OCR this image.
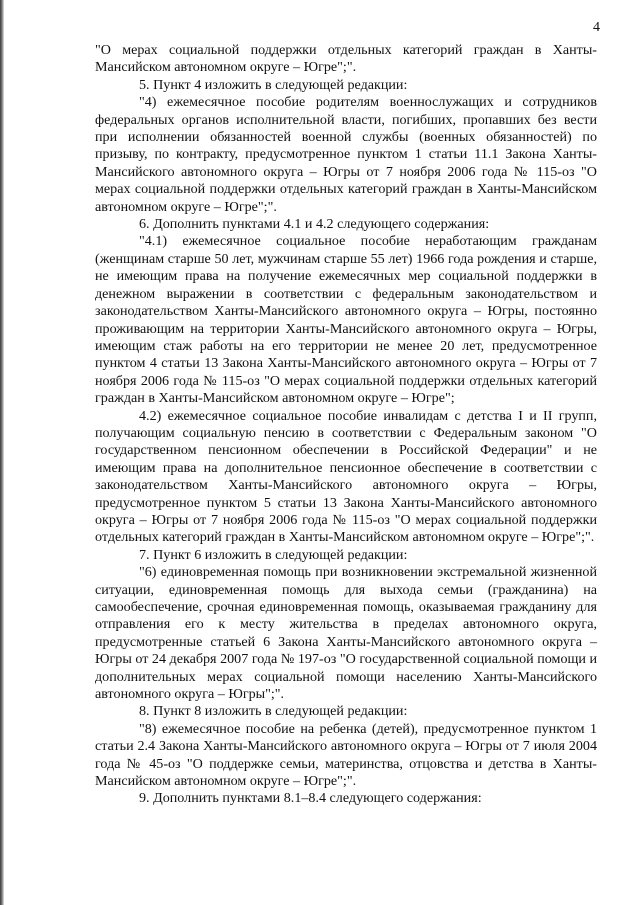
4

"О мерах социальной поддержки отдельных категорий граждан в Ханты-Мансийском автономном округе – Югре";".

5. Пункт 4 изложить в следующей редакции:

"4) ежемесячное пособие родителям военнослужащих и сотрудников федеральных органов исполнительной власти, погибших, пропавших без вести при исполнении обязанностей военной службы (военных обязанностей) по призыву, по контракту, предусмотренное пунктом 1 статьи 11.1 Закона Ханты-Мансийского автономного округа – Югры от 7 ноября 2006 года № 115-оз "О мерах социальной поддержки отдельных категорий граждан в Ханты-Мансийском автономном округе – Югре";".

6. Дополнить пунктами 4.1 и 4.2 следующего содержания:

"4.1) ежемесячное социальное пособие неработающим гражданам (женщинам старше 50 лет, мужчинам старше 55 лет) 1966 года рождения и старше, не имеющим права на получение ежемесячных мер социальной поддержки в денежном выражении в соответствии с федеральным законодательством и законодательством Ханты-Мансийского автономного округа – Югры, постоянно проживающим на территории Ханты-Мансийского автономного округа – Югры, имеющим стаж работы на его территории не менее 20 лет, предусмотренное пунктом 4 статьи 13 Закона Ханты-Мансийского автономного округа – Югры от 7 ноября 2006 года № 115-оз "О мерах социальной поддержки отдельных категорий граждан в Ханты-Мансийском автономном округе – Югре";

4.2) ежемесячное социальное пособие инвалидам с детства I и II групп, получающим социальную пенсию в соответствии с Федеральным законом "О государственном пенсионном обеспечении в Российской Федерации" и не имеющим права на дополнительное пенсионное обеспечение в соответствии с законодательством Ханты-Мансийского автономного округа – Югры, предусмотренное пунктом 5 статьи 13 Закона Ханты-Мансийского автономного округа – Югры от 7 ноября 2006 года № 115-оз "О мерах социальной поддержки отдельных категорий граждан в Ханты-Мансийском автономном округе – Югре";".

7. Пункт 6 изложить в следующей редакции:

"6) единовременная помощь при возникновении экстремальной жизненной ситуации, единовременная помощь для выхода семьи (гражданина) на самообеспечение, срочная единовременная помощь, оказываемая гражданину для отправления его к месту жительства в пределах автономного округа, предусмотренные статьей 6 Закона Ханты-Мансийского автономного округа – Югры от 24 декабря 2007 года № 197-оз "О государственной социальной помощи и дополнительных мерах социальной помощи населению Ханты-Мансийского автономного округа – Югры";".

8. Пункт 8 изложить в следующей редакции:

"8) ежемесячное пособие на ребенка (детей), предусмотренное пунктом 1 статьи 2.4 Закона Ханты-Мансийского автономного округа – Югры от 7 июля 2004 года № 45-оз "О поддержке семьи, материнства, отцовства и детства в Ханты-Мансийском автономном округе – Югре";".

9. Дополнить пунктами 8.1–8.4 следующего содержания:
